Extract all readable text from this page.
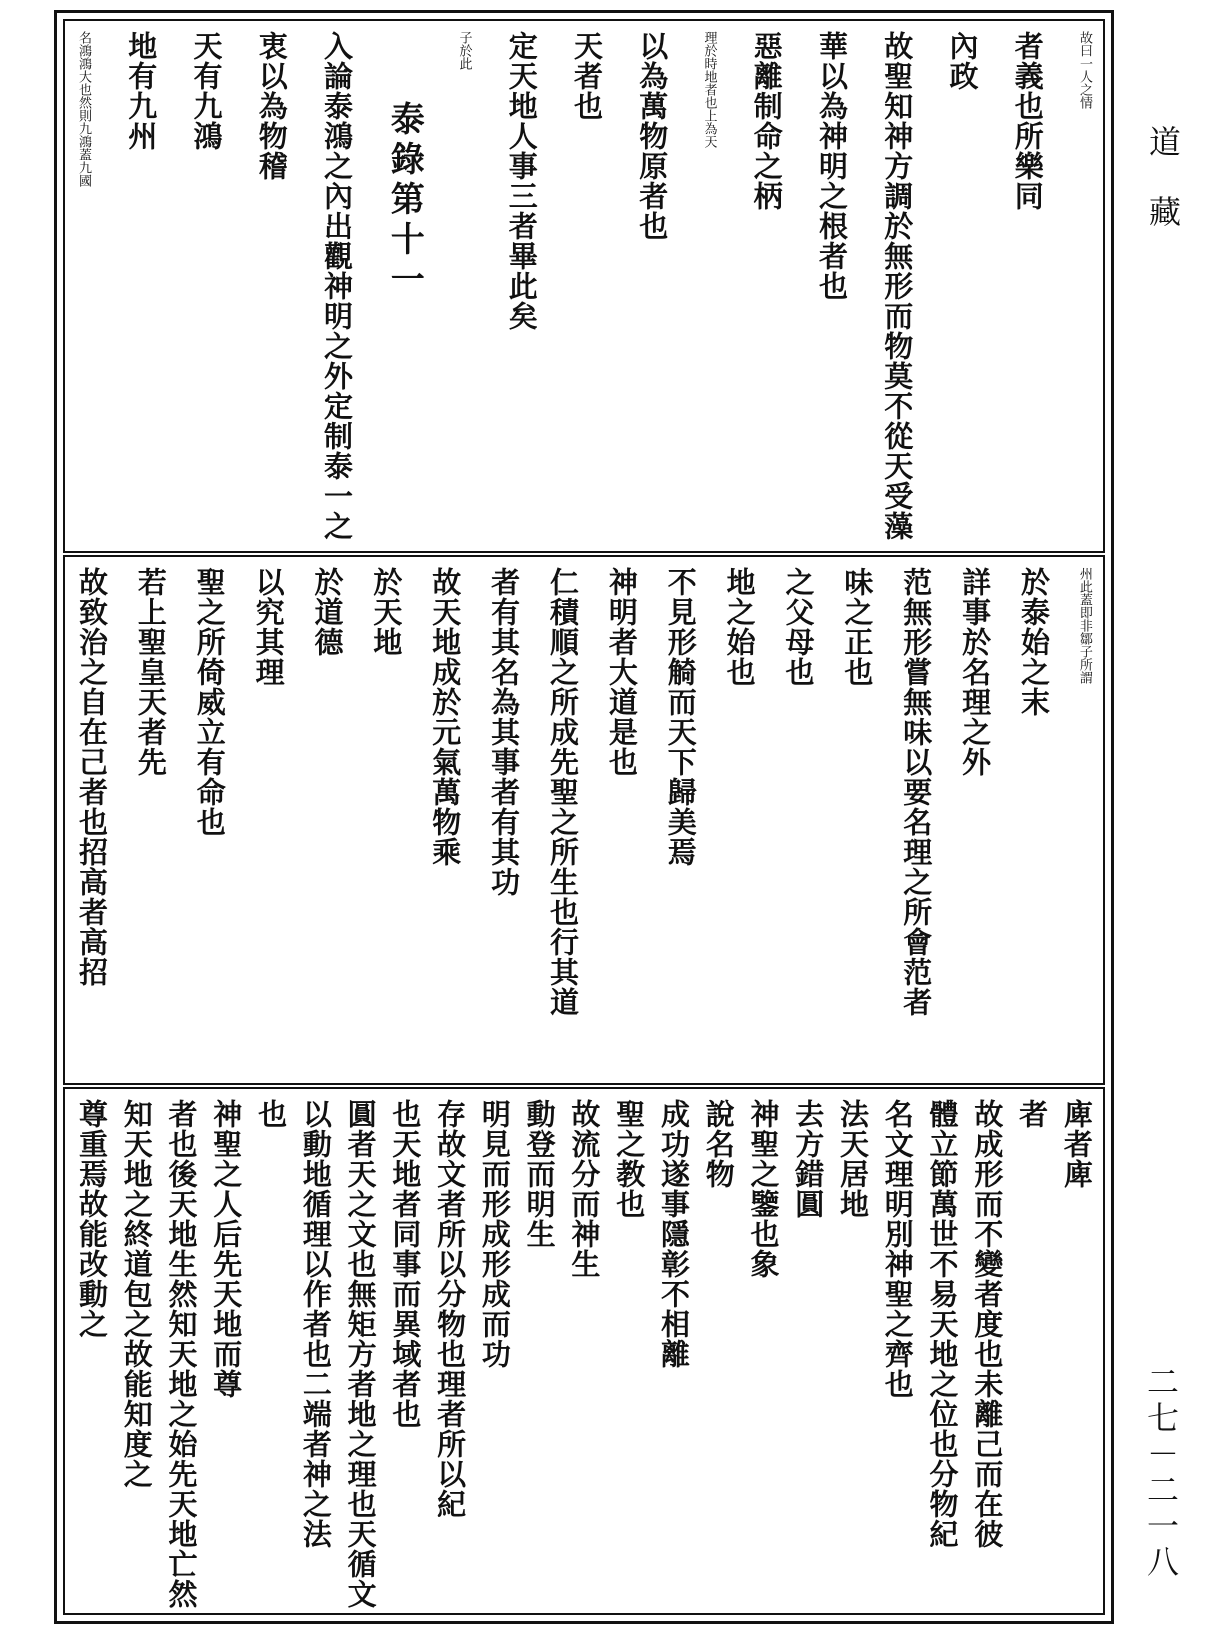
故曰一人之情
者義也所樂同
內政
故聖知神方調於無形而物莫不從天受藻
華以為神明之根者也
惡離制命之柄
理於時地者也上為天
以為萬物原者也
天者也
定天地人事三者畢此矣
子於此
泰錄第十一
入論泰鴻之內出觀神明之外定制泰一之
衷以為物稽
天有九鴻
地有九州
名鴻鴻大也然則九鴻蓋九國
州此蓋即非鄒子所謂
於泰始之末
詳事於名理之外
范無形嘗無味以要名理之所會范者
味之正也
之父母也
地之始也
不見形觭而天下歸美焉
神明者大道是也
仁積順之所成先聖之所生也行其道
者有其名為其事者有其功
故天地成於元氣萬物乘
於天地
於道德
以究其理
聖之所倚威立有命也
若上聖皇天者先
故致治之自在己者也招高者高招
庳者庳
者
故成形而不變者度也未離己而在彼
體立節萬世不易天地之位也分物紀
名文理明別神聖之齊也
法天居地
去方錯圓
神聖之鑒也象
說名物
成功遂事隱彰不相離
聖之教也
故流分而神生
動登而明生
明見而形成形成而功
存故文者所以分物也理者所以紀
也天地者同事而異域者也
圓者天之文也無矩方者地之理也天循文
以動地循理以作者也二端者神之法
也
神聖之人后先天地而尊
者也後天地生然知天地之始先天地亡然
知天地之終道包之故能知度之
尊重焉故能改動之
道藏
二七－二一八
